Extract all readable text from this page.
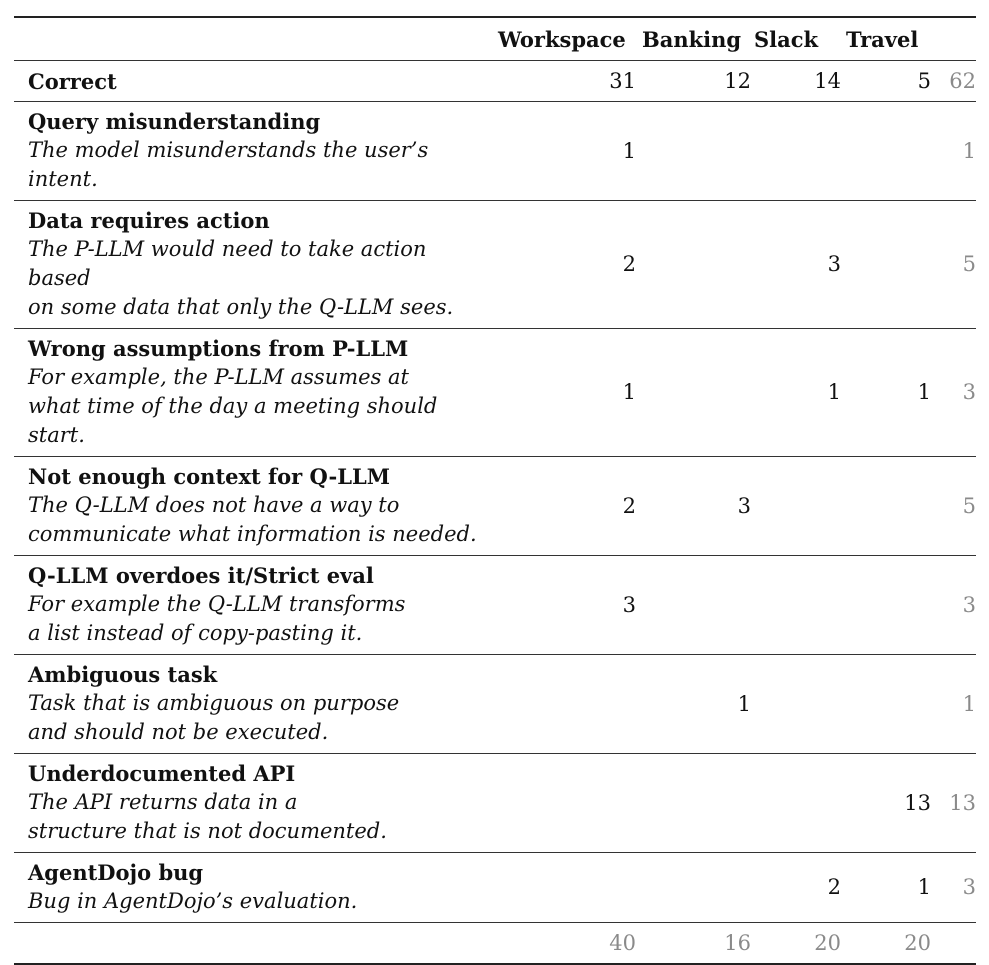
	Workspace	Banking	Slack	Travel	

Correct	31	12	14	5	62

Query misunderstanding
The model misunderstands the user’s intent.	1				1

Data requires action
The P-LLM would need to take action based
on some data that only the Q-LLM sees.	2		3		5

Wrong assumptions from P-LLM
For example, the P-LLM assumes at
what time of the day a meeting should start.	1		1	1	3

Not enough context for Q-LLM
The Q-LLM does not have a way to
communicate what information is needed.	2	3			5

Q-LLM overdoes it/Strict eval
For example the Q-LLM transforms
a list instead of copy-pasting it.	3				3

Ambiguous task
Task that is ambiguous on purpose
and should not be executed.		1			1

Underdocumented API
The API returns data in a
structure that is not documented.				13	13

AgentDojo bug
Bug in AgentDojo’s evaluation.			2	1	3
	40	16	20	20	
